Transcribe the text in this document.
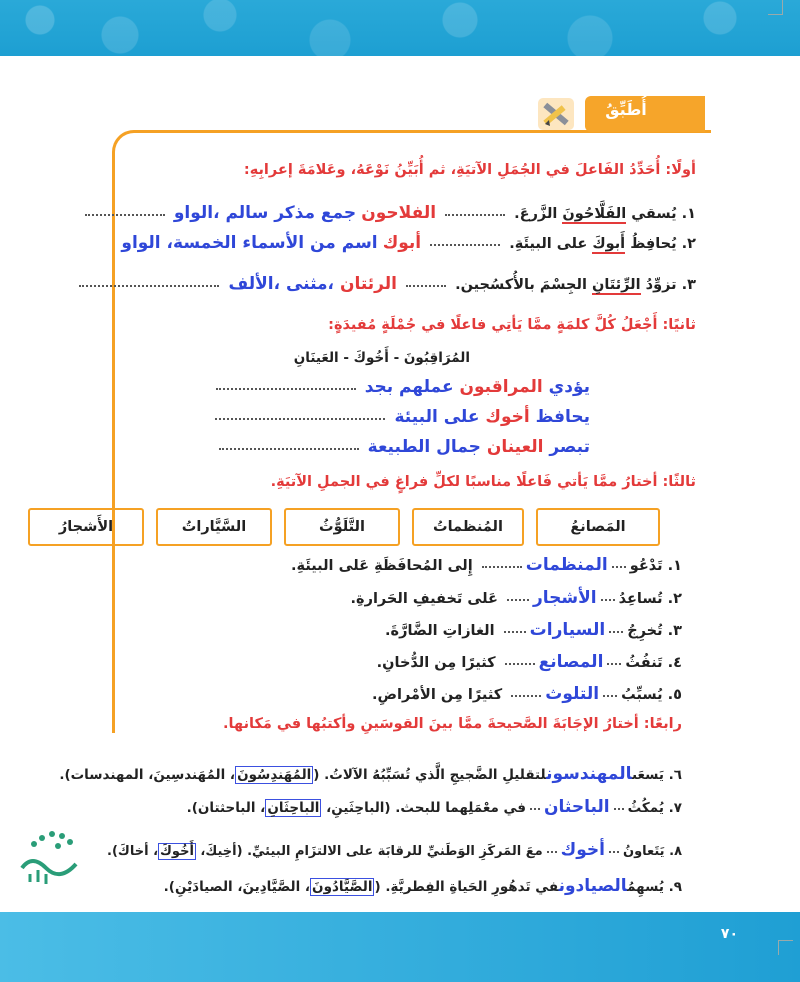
أُطَبِّقُ
أولًا: أُحَدِّدُ الفَاعلَ في الجُمَلِ الآتيَةِ، ثم أُبَيِّنُ نَوْعَهُ، وعَلامَةَ إعرابِهِ:
١. يُسقي الفَلَّاحُونَ الزَّرعَ.  الفلاحون جمع مذكر سالم ،الواو
٢. يُحافِظُ أَبوكَ على البيئَةِ.  أبوك اسم من الأسماء الخمسة، الواو
٣. تزوِّدُ الرِّئتَانِ الجِسْمَ بالأُكسُجين.  الرئتان ،مثنى ،الألف
ثانيًا: أَجْعَلُ كُلَّ كلمَةٍ ممَّا يَأتِي فاعلًا في جُمْلَةٍ مُفيدَةٍ:
المُرَاقِبُونَ - أَخُوكَ - العَينَانِ
يؤدي المراقبون عملهم بجد
يحافظ أخوك على البيئة
تبصر العينان جمال الطبيعة
ثالثًا: أختارُ ممَّا يَأتي فَاعلًا مناسبًا لكلِّ فراغٍ في الجملِ الآتيَةِ.
المَصانعُ
المُنظماتُ
التَّلَوُّثُ
السَّيَّاراتُ
الأَشجارُ
١. تَدْعُوالمنظمات إِلى المُحافَظَةِ عَلى البيئَةِ.
٢. تُساعِدُالأشجار عَلى تَخفيفِ الحَرارةِ.
٣. تُخرِجُالسيارات الغازاتِ الضَّارَّةَ.
٤. تَنفُثُالمصانع كثيرًا مِن الدُّخانِ.
٥. يُسبِّبُالتلوث كثيرًا مِن الأمْراضِ.
رابعًا: أختارُ الإجَابَةَ الصَّحيحةَ ممَّا بينَ القوسَينِ وأكتبُها في مَكانها.
٦. يَسعَىالمهندسونلتقليلِ الضَّجيجِ الَّذي تُسَبِّبُهُ الآلاتُ. (المُهَندِسُونَ، المُهَندسِينَ، المهندسات).
٧. يُمكُثُالباحثانفي معْمَلِهما للبحث. (الباحِثَينِ، الباحِثَانِ، الباحثتان).
٨. يَتَعاونُأخوكمعَ المَركَزِ الوَطَنيِّ للرقابَة على الالتزَامِ البيئيِّ. (أخِيكَ، أَخُوكَ، أخاكَ).
٩. يُسهِمُالصيادونفي تَدهُورِ الحَياةِ الفِطريَّةِ. (الصَّيَّادُونَ، الصَّيَّادِينَ، الصيادَيْنِ).
٧٠
